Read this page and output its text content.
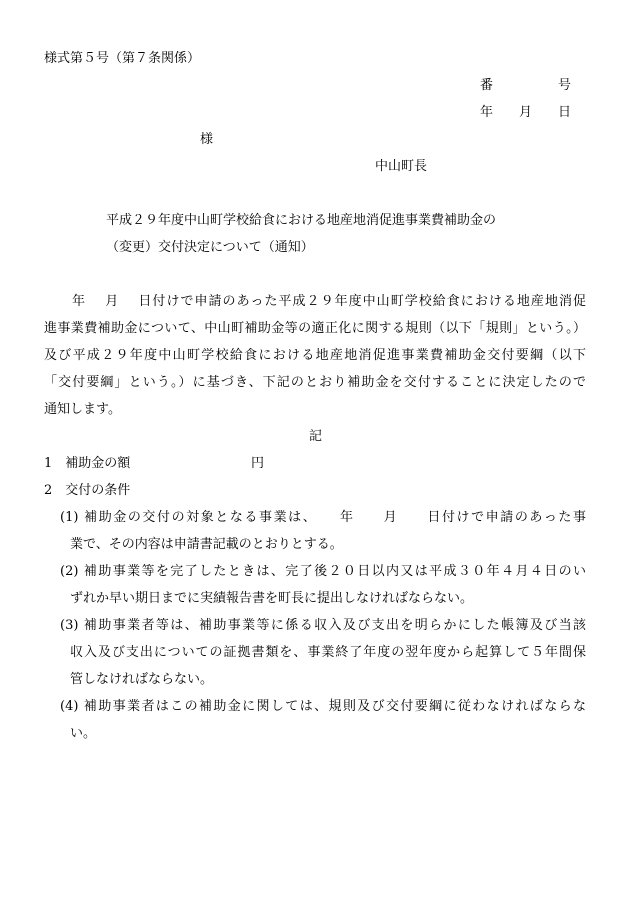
様式第５号（第７条関係）
番　　　　　号
年　　月　　日
様
中山町長
平成２９年度中山町学校給食における地産地消促進事業費補助金の
（変更）交付決定について（通知）
年　 月　 日付けで申請のあった平成２９年度中山町学校給食における地産地消促
進事業費補助金について、中山町補助金等の適正化に関する規則（以下「規則」という。）
及び平成２９年度中山町学校給食における地産地消促進事業費補助金交付要綱（以下
「交付要綱」という。）に基づき、下記のとおり補助金を交付することに決定したので
通知します。
記
1　補助金の額	円
2　交付の条件
(1) 補助金の交付の対象となる事業は、　　年　　月　　日付けで申請のあった事
業で、その内容は申請書記載のとおりとする。
(2) 補助事業等を完了したときは、完了後２０日以内又は平成３０年４月４日のい
ずれか早い期日までに実績報告書を町長に提出しなければならない。
(3) 補助事業者等は、補助事業等に係る収入及び支出を明らかにした帳簿及び当該
収入及び支出についての証拠書類を、事業終了年度の翌年度から起算して５年間保
管しなければならない。
(4) 補助事業者はこの補助金に関しては、規則及び交付要綱に従わなければならな
い。
